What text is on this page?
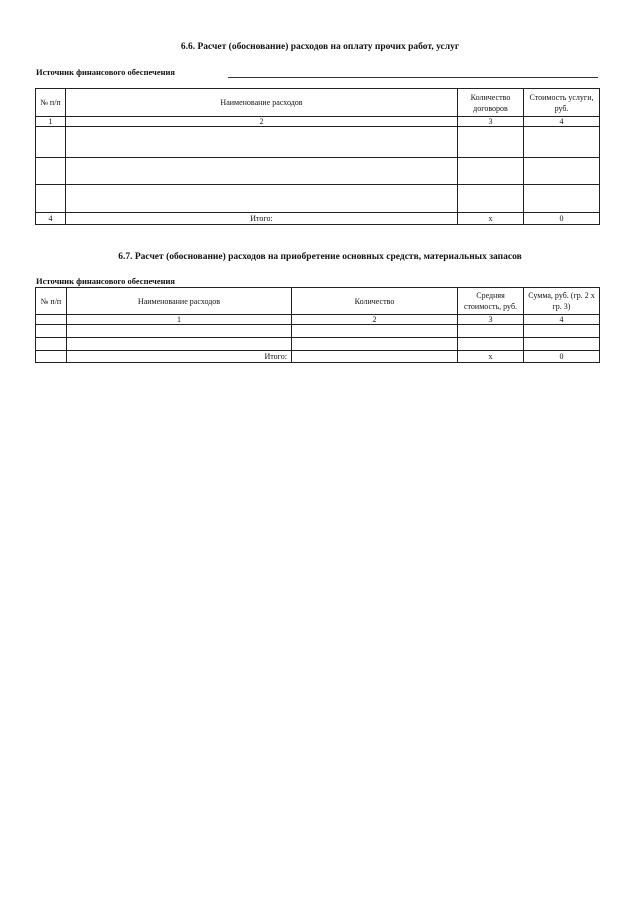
6.6. Расчет (обоснование) расходов на оплату прочих работ, услуг
Источник финансового обеспечения
№ п/п	Наименование расходов	Количество договоров	Стоимость услуги, руб.
1	2	3	4

4	Итого:	х	0
6.7. Расчет (обоснование) расходов на приобретение основных средств, материальных запасов
Источник финансового обеспечения
№ п/п	Наименование расходов	Количество	Средняя стоимость, руб.	Сумма, руб. (гр. 2 х гр. 3)
	1	2	3	4

	Итого:		х	0
